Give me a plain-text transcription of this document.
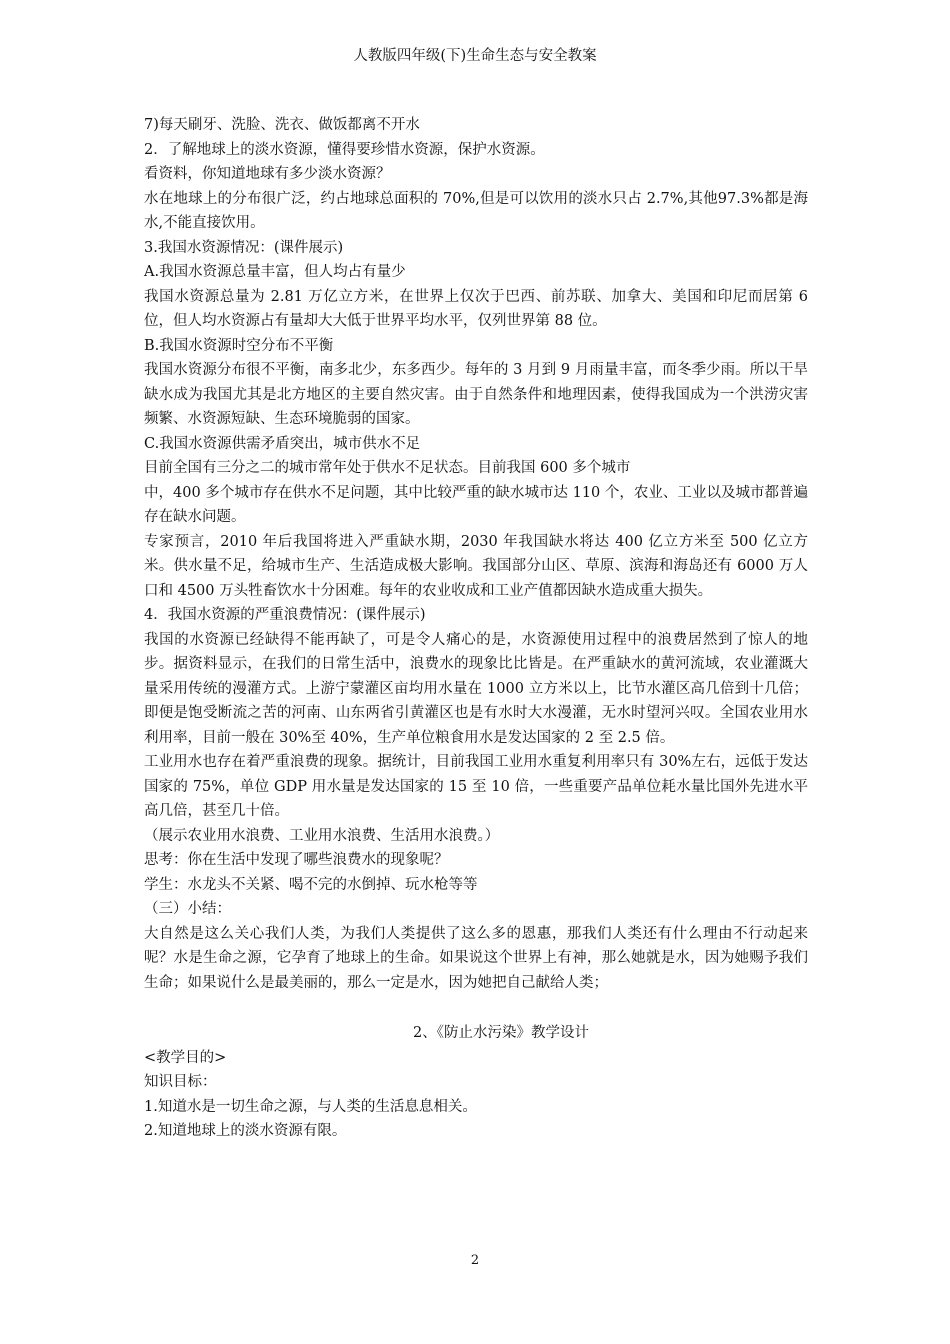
人教版四年级(下)生命生态与安全教案

7)每天刷牙、洗脸、洗衣、做饭都离不开水

2．了解地球上的淡水资源，懂得要珍惜水资源，保护水资源。

看资料，你知道地球有多少淡水资源？

水在地球上的分布很广泛，约占地球总面积的 70%,但是可以饮用的淡水只占 2.7%,其他97.3%都是海水,不能直接饮用。

3.我国水资源情况：(课件展示)

A.我国水资源总量丰富，但人均占有量少

我国水资源总量为 2.81 万亿立方米，在世界上仅次于巴西、前苏联、加拿大、美国和印尼而居第 6 位，但人均水资源占有量却大大低于世界平均水平，仅列世界第 88 位。

B.我国水资源时空分布不平衡

我国水资源分布很不平衡，南多北少，东多西少。每年的 3 月到 9 月雨量丰富，而冬季少雨。所以干旱缺水成为我国尤其是北方地区的主要自然灾害。由于自然条件和地理因素，使得我国成为一个洪涝灾害频繁、水资源短缺、生态环境脆弱的国家。

C.我国水资源供需矛盾突出，城市供水不足

目前全国有三分之二的城市常年处于供水不足状态。目前我国 600 多个城市

中，400 多个城市存在供水不足问题，其中比较严重的缺水城市达 110 个，农业、工业以及城市都普遍存在缺水问题。

专家预言，2010 年后我国将进入严重缺水期，2030 年我国缺水将达 400 亿立方米至 500 亿立方米。供水量不足，给城市生产、生活造成极大影响。我国部分山区、草原、滨海和海岛还有 6000 万人口和 4500 万头牲畜饮水十分困难。每年的农业收成和工业产值都因缺水造成重大损失。

4．我国水资源的严重浪费情况：(课件展示)

我国的水资源已经缺得不能再缺了，可是令人痛心的是，水资源使用过程中的浪费居然到了惊人的地步。据资料显示，在我们的日常生活中，浪费水的现象比比皆是。在严重缺水的黄河流域，农业灌溉大量采用传统的漫灌方式。上游宁蒙灌区亩均用水量在 1000 立方米以上，比节水灌区高几倍到十几倍；即便是饱受断流之苦的河南、山东两省引黄灌区也是有水时大水漫灌，无水时望河兴叹。全国农业用水利用率，目前一般在 30%至 40%，生产单位粮食用水是发达国家的 2 至 2.5 倍。

工业用水也存在着严重浪费的现象。据统计，目前我国工业用水重复利用率只有 30%左右，远低于发达国家的 75%，单位 GDP 用水量是发达国家的 15 至 10 倍，一些重要产品单位耗水量比国外先进水平高几倍，甚至几十倍。

（展示农业用水浪费、工业用水浪费、生活用水浪费。）

思考：你在生活中发现了哪些浪费水的现象呢？

学生：水龙头不关紧、喝不完的水倒掉、玩水枪等等

（三）小结：

大自然是这么关心我们人类，为我们人类提供了这么多的恩惠，那我们人类还有什么理由不行动起来呢？水是生命之源，它孕育了地球上的生命。如果说这个世界上有神，那么她就是水，因为她赐予我们生命；如果说什么是最美丽的，那么一定是水，因为她把自己献给人类；

2、《防止水污染》教学设计

<教学目的>

知识目标：

1.知道水是一切生命之源，与人类的生活息息相关。

2.知道地球上的淡水资源有限。

2
